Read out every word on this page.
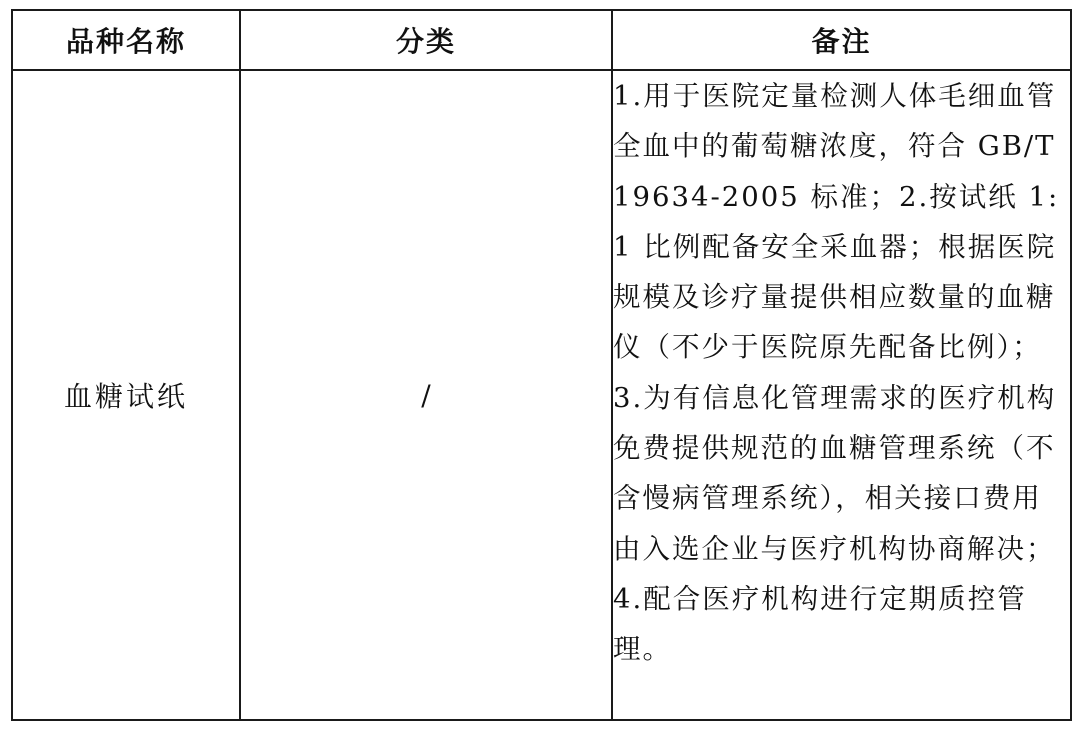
品种名称	分类	备注
血糖试纸	/	1.用于医院定量检测人体毛细血管全血中的葡萄糖浓度，符合 GB/T 19634-2005 标准；2.按试纸 1:1 比例配备安全采血器；根据医院规模及诊疗量提供相应数量的血糖仪（不少于医院原先配备比例）；3.为有信息化管理需求的医疗机构免费提供规范的血糖管理系统（不含慢病管理系统），相关接口费用由入选企业与医疗机构协商解决；4.配合医疗机构进行定期质控管理。
